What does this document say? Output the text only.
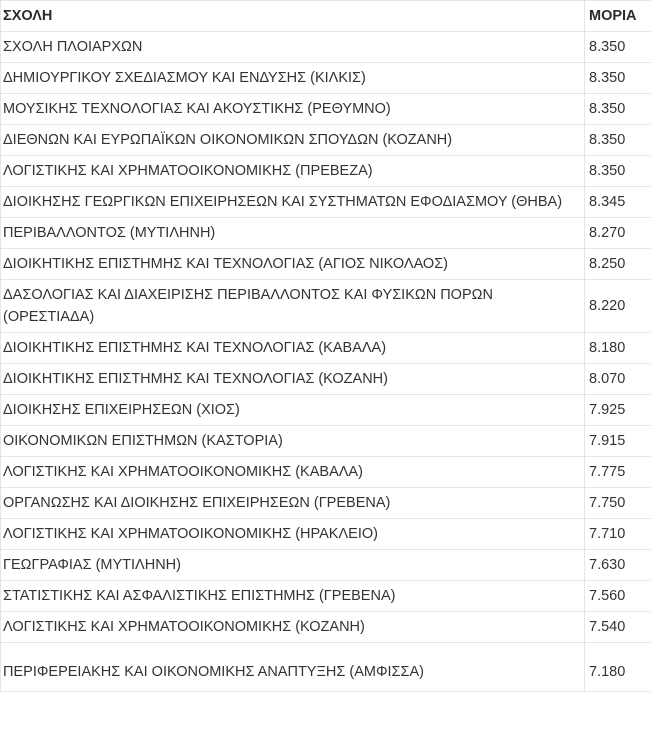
ΣΧΟΛΗ	ΜΟΡΙΑ
ΣΧΟΛΗ ΠΛΟΙΑΡΧΩΝ	8.350
ΔΗΜΙΟΥΡΓΙΚΟΥ ΣΧΕΔΙΑΣΜΟΥ ΚΑΙ ΕΝΔΥΣΗΣ (ΚΙΛΚΙΣ)	8.350
ΜΟΥΣΙΚΗΣ ΤΕΧΝΟΛΟΓΙΑΣ ΚΑΙ ΑΚΟΥΣΤΙΚΗΣ (ΡΕΘΥΜΝΟ)	8.350
ΔΙΕΘΝΩΝ ΚΑΙ ΕΥΡΩΠΑΪΚΩΝ ΟΙΚΟΝΟΜΙΚΩΝ ΣΠΟΥΔΩΝ (ΚΟΖΑΝΗ)	8.350
ΛΟΓΙΣΤΙΚΗΣ ΚΑΙ ΧΡΗΜΑΤΟΟΙΚΟΝΟΜΙΚΗΣ (ΠΡΕΒΕΖΑ)	8.350
ΔΙΟΙΚΗΣΗΣ ΓΕΩΡΓΙΚΩΝ ΕΠΙΧΕΙΡΗΣΕΩΝ ΚΑΙ ΣΥΣΤΗΜΑΤΩΝ ΕΦΟΔΙΑΣΜΟΥ (ΘΗΒΑ)	8.345
ΠΕΡΙΒΑΛΛΟΝΤΟΣ (ΜΥΤΙΛΗΝΗ)	8.270
ΔΙΟΙΚΗΤΙΚΗΣ ΕΠΙΣΤΗΜΗΣ ΚΑΙ ΤΕΧΝΟΛΟΓΙΑΣ (ΑΓΙΟΣ ΝΙΚΟΛΑΟΣ)	8.250
ΔΑΣΟΛΟΓΙΑΣ ΚΑΙ ΔΙΑΧΕΙΡΙΣΗΣ ΠΕΡΙΒΑΛΛΟΝΤΟΣ ΚΑΙ ΦΥΣΙΚΩΝ ΠΟΡΩΝ (ΟΡΕΣΤΙΑΔΑ)	8.220
ΔΙΟΙΚΗΤΙΚΗΣ ΕΠΙΣΤΗΜΗΣ ΚΑΙ ΤΕΧΝΟΛΟΓΙΑΣ (ΚΑΒΑΛΑ)	8.180
ΔΙΟΙΚΗΤΙΚΗΣ ΕΠΙΣΤΗΜΗΣ ΚΑΙ ΤΕΧΝΟΛΟΓΙΑΣ (ΚΟΖΑΝΗ)	8.070
ΔΙΟΙΚΗΣΗΣ ΕΠΙΧΕΙΡΗΣΕΩΝ (ΧΙΟΣ)	7.925
ΟΙΚΟΝΟΜΙΚΩΝ ΕΠΙΣΤΗΜΩΝ (ΚΑΣΤΟΡΙΑ)	7.915
ΛΟΓΙΣΤΙΚΗΣ ΚΑΙ ΧΡΗΜΑΤΟΟΙΚΟΝΟΜΙΚΗΣ (ΚΑΒΑΛΑ)	7.775
ΟΡΓΑΝΩΣΗΣ ΚΑΙ ΔΙΟΙΚΗΣΗΣ ΕΠΙΧΕΙΡΗΣΕΩΝ (ΓΡΕΒΕΝΑ)	7.750
ΛΟΓΙΣΤΙΚΗΣ ΚΑΙ ΧΡΗΜΑΤΟΟΙΚΟΝΟΜΙΚΗΣ (ΗΡΑΚΛΕΙΟ)	7.710
ΓΕΩΓΡΑΦΙΑΣ (ΜΥΤΙΛΗΝΗ)	7.630
ΣΤΑΤΙΣΤΙΚΗΣ ΚΑΙ ΑΣΦΑΛΙΣΤΙΚΗΣ ΕΠΙΣΤΗΜΗΣ (ΓΡΕΒΕΝΑ)	7.560
ΛΟΓΙΣΤΙΚΗΣ ΚΑΙ ΧΡΗΜΑΤΟΟΙΚΟΝΟΜΙΚΗΣ (ΚΟΖΑΝΗ)	7.540
ΠΕΡΙΦΕΡΕΙΑΚΗΣ ΚΑΙ ΟΙΚΟΝΟΜΙΚΗΣ ΑΝΑΠΤΥΞΗΣ (ΑΜΦΙΣΣΑ)	7.180
